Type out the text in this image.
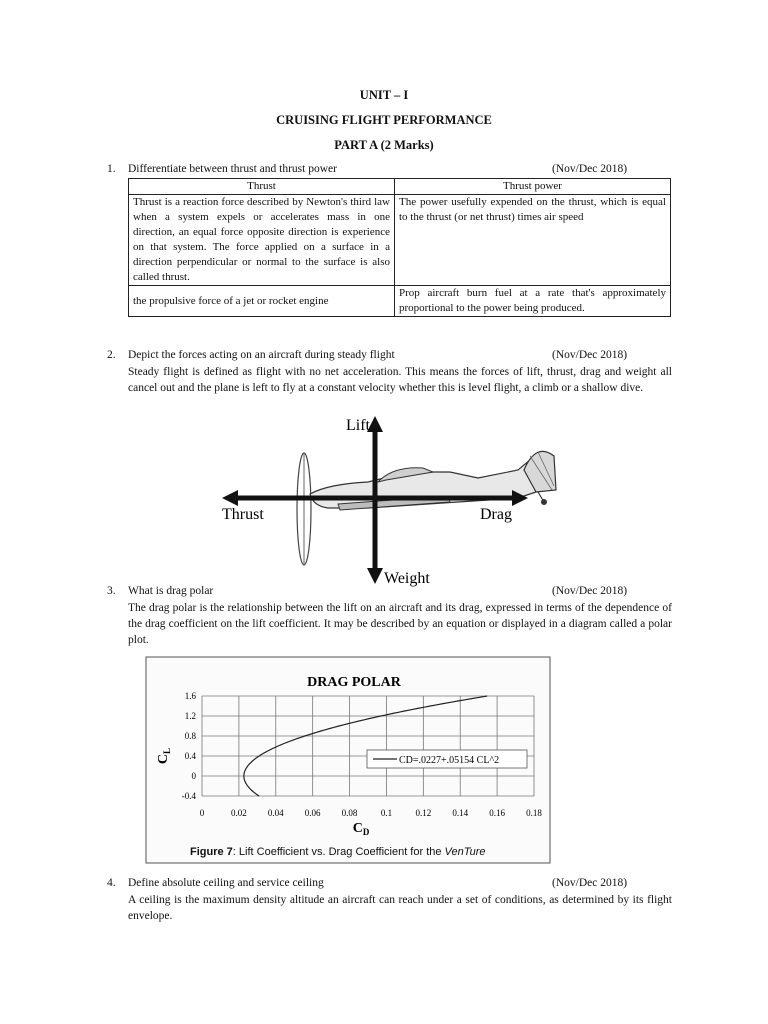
UNIT – I
CRUISING FLIGHT PERFORMANCE
PART A (2 Marks)
1. Differentiate between thrust and thrust power	(Nov/Dec 2018)
Thrust	Thrust power
Thrust is a reaction force described by Newton's third law when a system expels or accelerates mass in one direction, an equal force opposite direction is experience on that system. The force applied on a surface in a direction perpendicular or normal to the surface is also called thrust.	The power usefully expended on the thrust, which is equal to the thrust (or net thrust) times air speed
the propulsive force of a jet or rocket engine	Prop aircraft burn fuel at a rate that's approximately proportional to the power being produced.
2. Depict the forces acting on an aircraft during steady flight	(Nov/Dec 2018)
Steady flight is defined as flight with no net acceleration. This means the forces of lift, thrust, drag and weight all cancel out and the plane is left to fly at a constant velocity whether this is level flight, a climb or a shallow dive.
Lift
Thrust	Drag
Weight
3. What is drag polar	(Nov/Dec 2018)
The drag polar is the relationship between the lift on an aircraft and its drag, expressed in terms of the dependence of the drag coefficient on the lift coefficient. It may be described by an equation or displayed in a diagram called a polar plot.
DRAG POLAR
1.6
1.2
0.8
0.4
0
-0.4
0	0.02 0.04 0.06 0.08	0.1	0.12 0.14 0.16 0.18
CD=.0227+.05154 CL^2
$C_L$
$C_D$
Figure 7: Lift Coefficient vs. Drag Coefficient for the VenTure
4. Define absolute ceiling and service ceiling	(Nov/Dec 2018)
A ceiling is the maximum density altitude an aircraft can reach under a set of conditions, as determined by its flight envelope.
